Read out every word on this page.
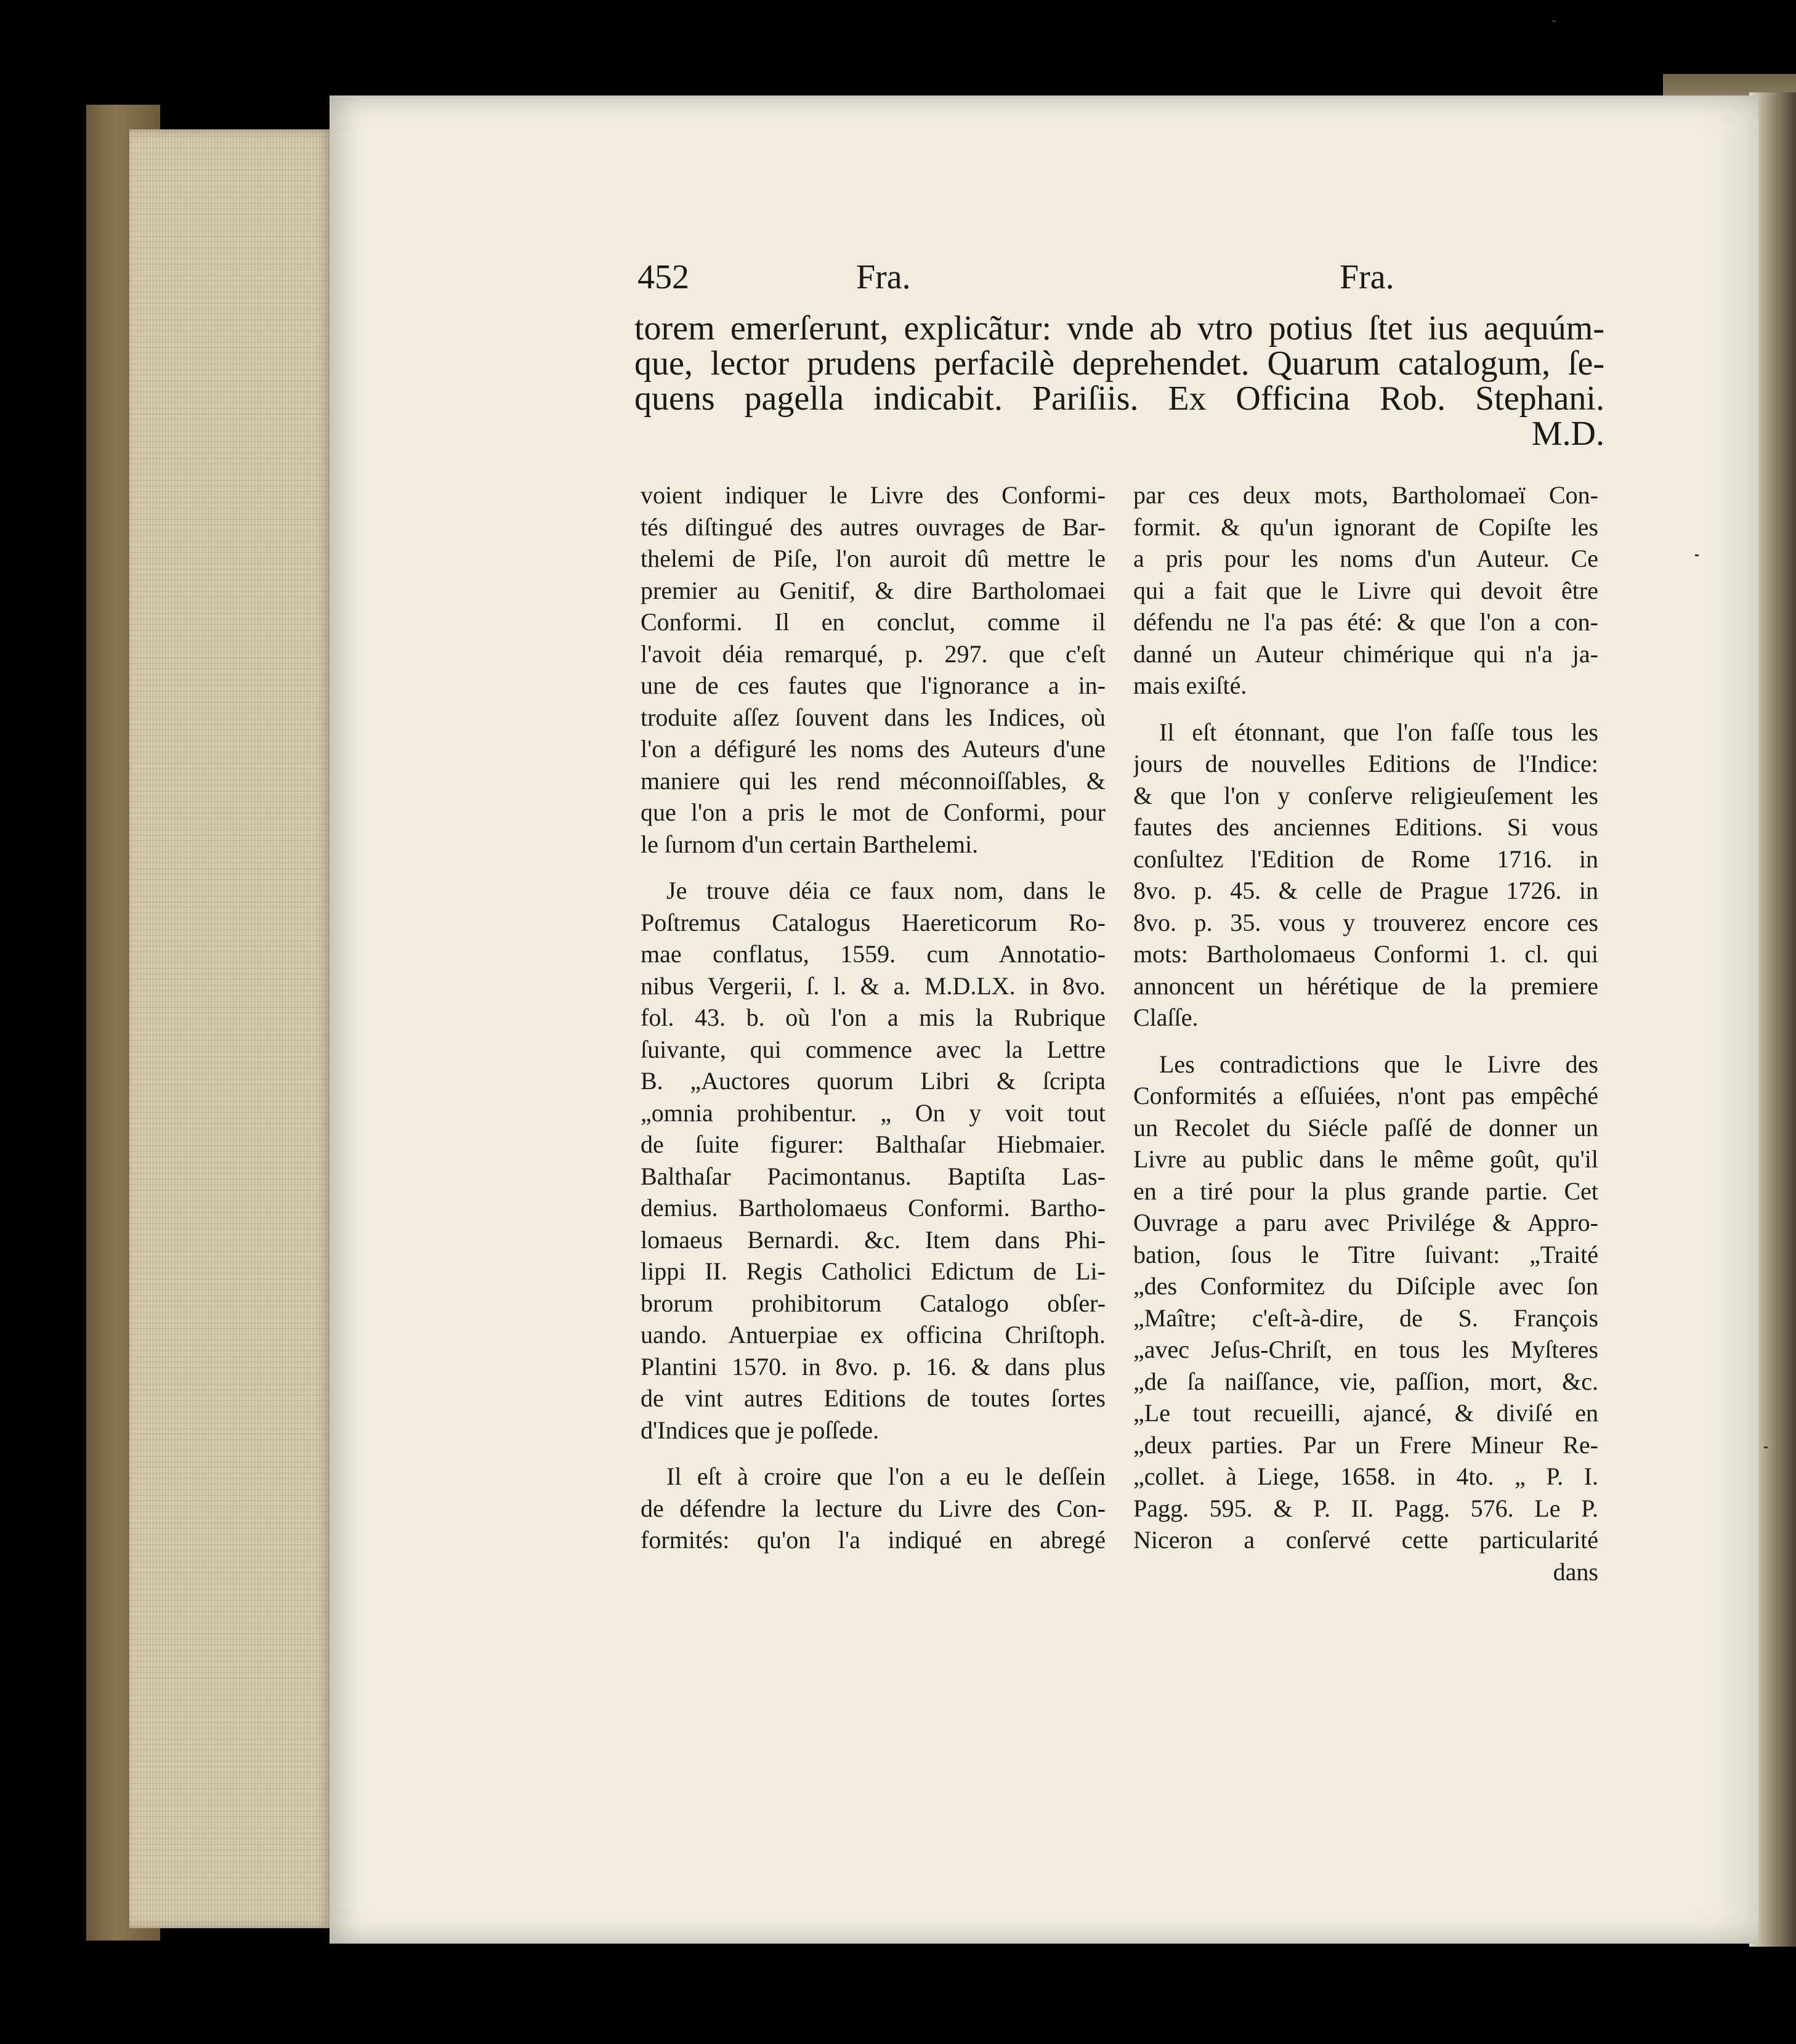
452	Fra.	Fra.
torem emerſerunt, explicãtur: vnde ab vtro potius ſtet ius aequúm-
que, lector prudens perfacilè deprehendet. Quarum catalogum, ſe-
quens pagella indicabit. Pariſiis. Ex Officina Rob. Stephani.
M.D.
voient indiquer le Livre des Conformi-
tés diſtingué des autres ouvrages de Bar-
thelemi de Piſe, l'on auroit dû mettre le
premier au Genitif, & dire Bartholomaei
Conformi. Il en conclut, comme il
l'avoit déia remarqué, p. 297. que c'eſt
une de ces fautes que l'ignorance a in-
troduite aſſez ſouvent dans les Indices, où
l'on a défiguré les noms des Auteurs d'une
maniere qui les rend méconnoiſſables, &
que l'on a pris le mot de Conformi, pour
le ſurnom d'un certain Barthelemi.
Je trouve déia ce faux nom, dans le
Poſtremus Catalogus Haereticorum Ro-
mae conflatus, 1559. cum Annotatio-
nibus Vergerii, ſ. l. & a. M.D.LX. in 8vo.
fol. 43. b. où l'on a mis la Rubrique
ſuivante, qui commence avec la Lettre
B. „Auctores quorum Libri & ſcripta
„omnia prohibentur. „ On y voit tout
de ſuite figurer: Balthaſar Hiebmaier.
Balthaſar Pacimontanus. Baptiſta Las-
demius. Bartholomaeus Conformi. Bartho-
lomaeus Bernardi. &c. Item dans Phi-
lippi II. Regis Catholici Edictum de Li-
brorum prohibitorum Catalogo obſer-
uando. Antuerpiae ex officina Chriſtoph.
Plantini 1570. in 8vo. p. 16. & dans plus
de vint autres Editions de toutes ſortes
d'Indices que je poſſede.
Il eſt à croire que l'on a eu le deſſein
de défendre la lecture du Livre des Con-
formités: qu'on l'a indiqué en abregé
par ces deux mots, Bartholomaeï Con-
formit. & qu'un ignorant de Copiſte les
a pris pour les noms d'un Auteur. Ce
qui a fait que le Livre qui devoit être
défendu ne l'a pas été: & que l'on a con-
danné un Auteur chimérique qui n'a ja-
mais exiſté.
Il eſt étonnant, que l'on faſſe tous les
jours de nouvelles Editions de l'Indice:
& que l'on y conſerve religieuſement les
fautes des anciennes Editions. Si vous
conſultez l'Edition de Rome 1716. in
8vo. p. 45. & celle de Prague 1726. in
8vo. p. 35. vous y trouverez encore ces
mots: Bartholomaeus Conformi 1. cl. qui
annoncent un hérétique de la premiere
Claſſe.
Les contradictions que le Livre des
Conformités a eſſuiées, n'ont pas empêché
un Recolet du Siécle paſſé de donner un
Livre au public dans le même goût, qu'il
en a tiré pour la plus grande partie. Cet
Ouvrage a paru avec Privilége & Appro-
bation, ſous le Titre ſuivant: „Traité
„des Conformitez du Diſciple avec ſon
„Maître; c'eſt-à-dire, de S. François
„avec Jeſus-Chriſt, en tous les Myſteres
„de ſa naiſſance, vie, paſſion, mort, &c.
„Le tout recueilli, ajancé, & diviſé en
„deux parties. Par un Frere Mineur Re-
„collet. à Liege, 1658. in 4to. „ P. I.
Pagg. 595. & P. II. Pagg. 576. Le P.
Niceron a conſervé cette particularité
dans
